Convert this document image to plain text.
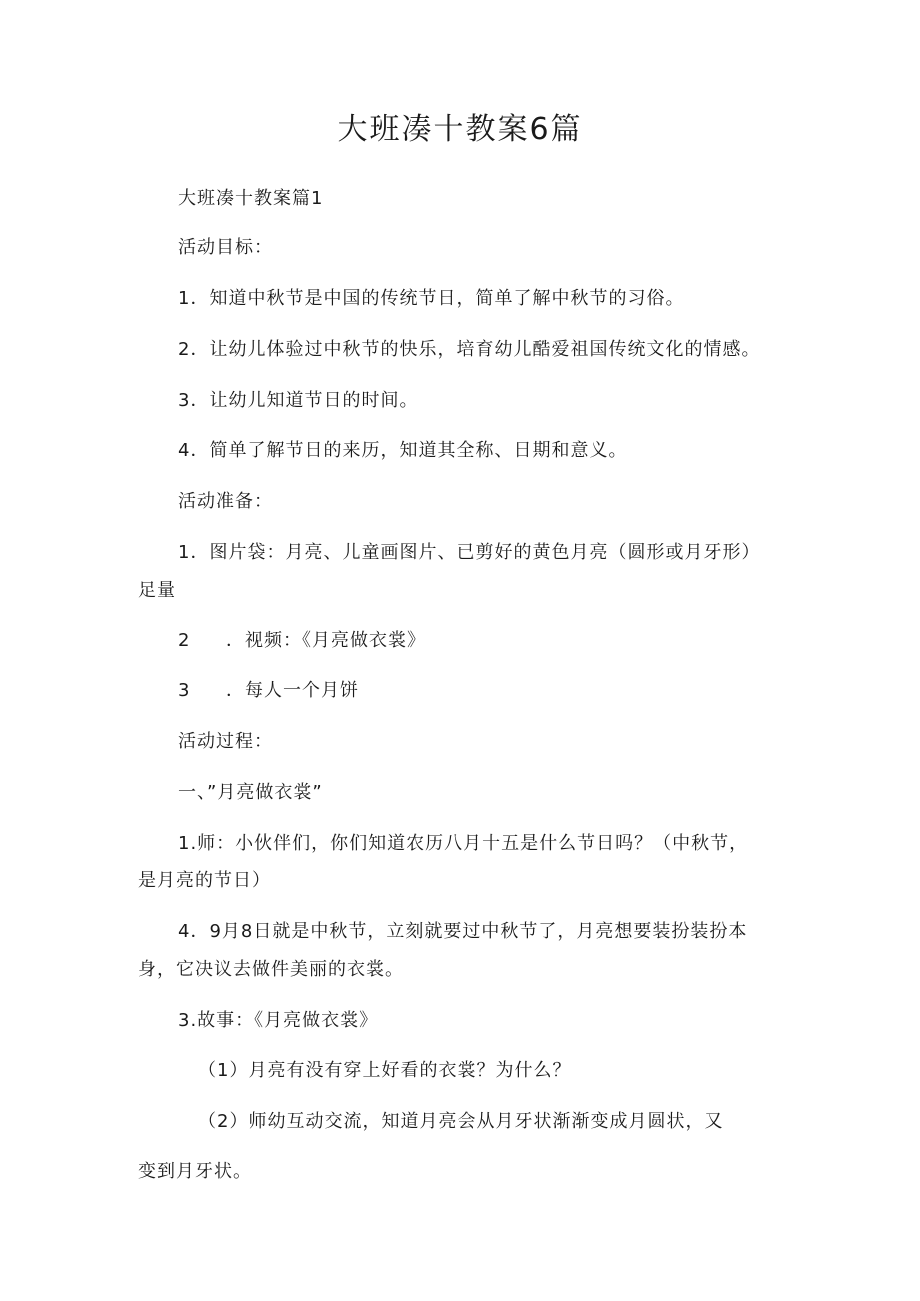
大班凑十教案6篇
大班凑十教案篇1
活动目标：
1．知道中秋节是中国的传统节日，简单了解中秋节的习俗。
2．让幼儿体验过中秋节的快乐，培育幼儿酷爱祖国传统文化的情感。
3．让幼儿知道节日的时间。
4．简单了解节日的来历，知道其全称、日期和意义。
活动准备：
1．图片袋：月亮、儿童画图片、已剪好的黄色月亮（圆形或月牙形）
足量
2 ．视频：《月亮做衣裳》
3 ．每人一个月饼
活动过程：
一、”月亮做衣裳”
1.师：小伙伴们，你们知道农历八月十五是什么节日吗？（中秋节，
是月亮的节日）
4．9月8日就是中秋节，立刻就要过中秋节了，月亮想要装扮装扮本
身，它决议去做件美丽的衣裳。
3.故事：《月亮做衣裳》
（1）月亮有没有穿上好看的衣裳？为什么？
（2）师幼互动交流，知道月亮会从月牙状渐渐变成月圆状，又
变到月牙状。
